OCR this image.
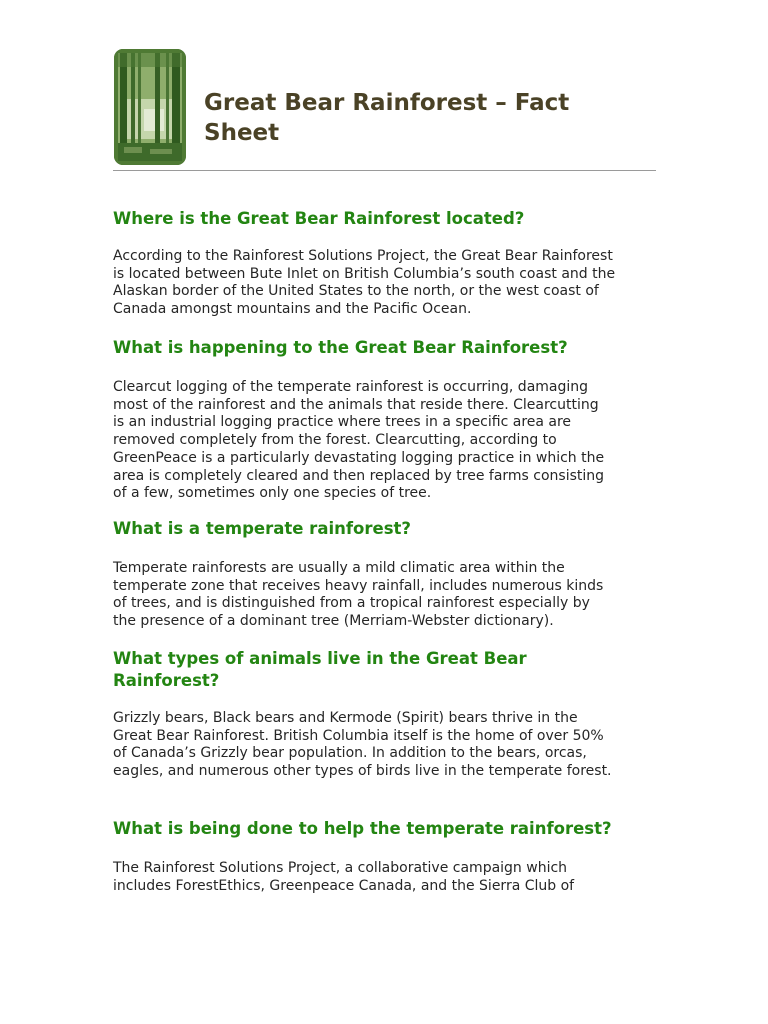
Great Bear Rainforest – Fact Sheet
Where is the Great Bear Rainforest located?

According to the Rainforest Solutions Project, the Great Bear Rainforest
is located between Bute Inlet on British Columbia’s south coast and the
Alaskan border of the United States to the north, or the west coast of
Canada amongst mountains and the Pacific Ocean.

What is happening to the Great Bear Rainforest?

Clearcut logging of the temperate rainforest is occurring, damaging
most of the rainforest and the animals that reside there. Clearcutting
is an industrial logging practice where trees in a specific area are
removed completely from the forest. Clearcutting, according to
GreenPeace is a particularly devastating logging practice in which the
area is completely cleared and then replaced by tree farms consisting
of a few, sometimes only one species of tree.

What is a temperate rainforest?

Temperate rainforests are usually a mild climatic area within the
temperate zone that receives heavy rainfall, includes numerous kinds
of trees, and is distinguished from a tropical rainforest especially by
the presence of a dominant tree (Merriam-Webster dictionary).

What types of animals live in the Great Bear
Rainforest?

Grizzly bears, Black bears and Kermode (Spirit) bears thrive in the
Great Bear Rainforest. British Columbia itself is the home of over 50%
of Canada’s Grizzly bear population. In addition to the bears, orcas,
eagles, and numerous other types of birds live in the temperate forest.

What is being done to help the temperate rainforest?

The Rainforest Solutions Project, a collaborative campaign which
includes ForestEthics, Greenpeace Canada, and the Sierra Club of
